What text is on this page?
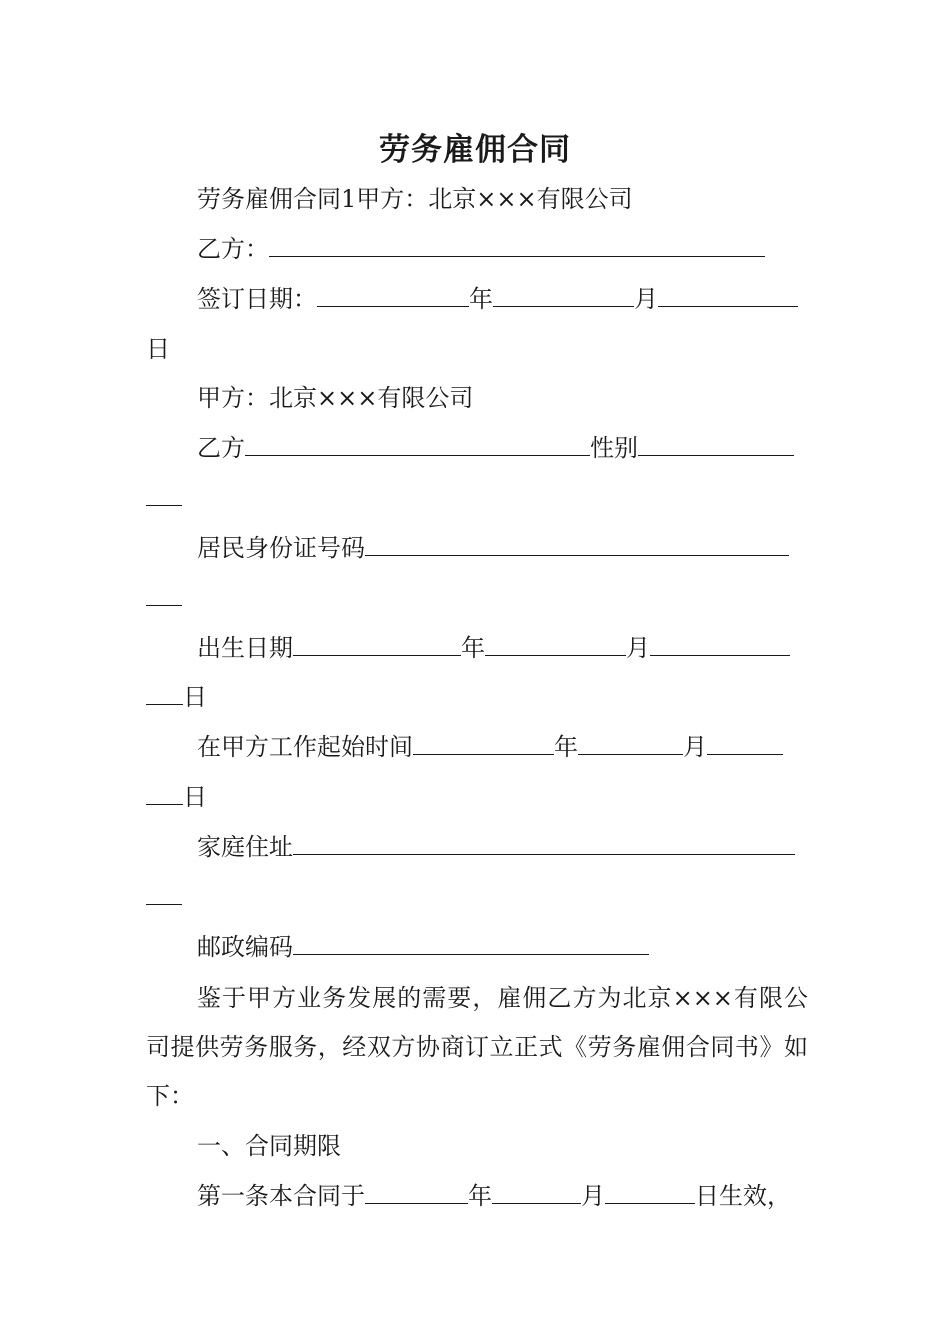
劳务雇佣合同
劳务雇佣合同1甲方：北京×××有限公司
乙方：
签订日期：	年	月
日
甲方：北京×××有限公司
乙方	性别
居民身份证号码
出生日期	年	月
日
在甲方工作起始时间	年	月
日
家庭住址
邮政编码
鉴于甲方业务发展的需要，雇佣乙方为北京×××有限公司提供劳务服务，经双方协商订立正式《劳务雇佣合同书》如下：
一、合同期限
第一条本合同于	年	月	日生效，
